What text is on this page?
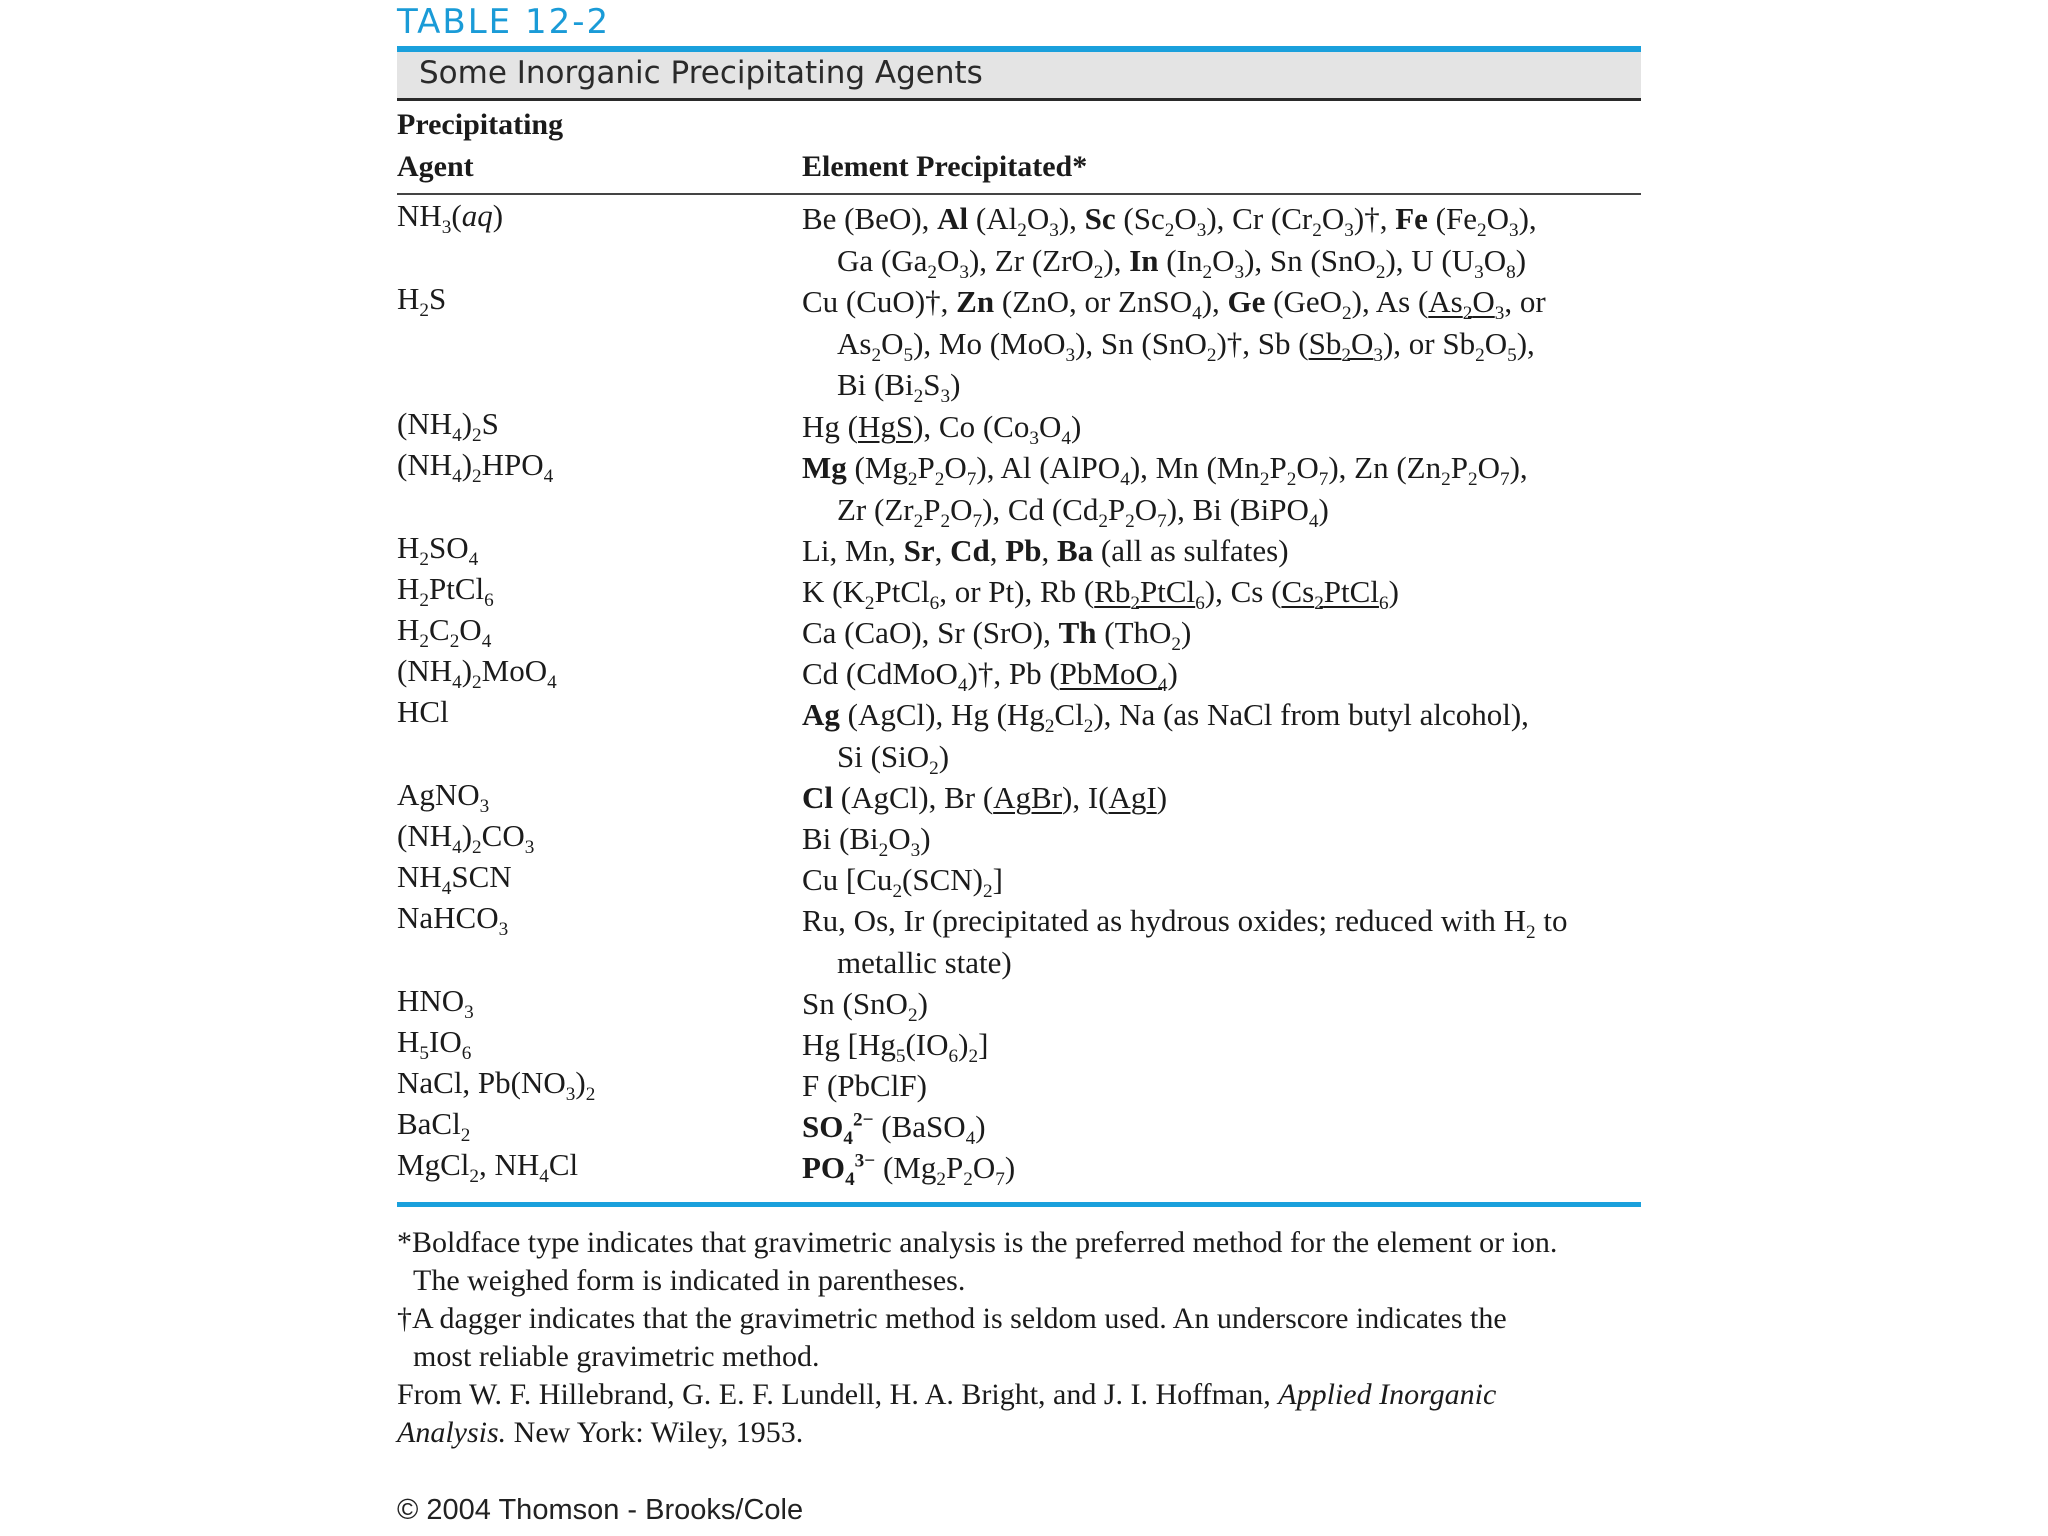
TABLE 12-2
Some Inorganic Precipitating Agents
Precipitating
Agent	Element Precipitated*
$NH_3(aq)$	Be (BeO), Al $(Al_2O_3)$, Sc $(Sc_2O_3)$, Cr $(Cr_2O_3)\dagger$, Fe $(Fe_2O_3)$,
Ga $(Ga_2O_3)$, Zr (ZrO$_2$), In $(In_2O_3)$, Sn (SnO$_2$), U $(U_3O_8)$
$H_2S$	Cu (CuO)†, Zn (ZnO, or ZnSO$_4$), Ge (GeO$_2$), As ($As_2O_3$, or
$As_2O_5$), Mo (MoO$_3$), Sn (SnO$_2$)†, Sb $(Sb_2O_3)$, or $Sb_2O_5$),
Bi $(Bi_2S_3)$
$(NH_4)_2S$	Hg (HgS), Co $(Co_3O_4)$
$(NH_4)_2HPO_4$	Mg $(Mg_2P_2O_7)$, Al (AlPO$_4$), Mn $(Mn_2P_2O_7)$, Zn $(Zn_2P_2O_7)$,
Zr $(Zr_2P_2O_7)$, Cd $(Cd_2P_2O_7)$, Bi (BiPO$_4$)
$H_2SO_4$	Li, Mn, Sr, Cd, Pb, Ba (all as sulfates)
$H_2PtCl_6$	K ($K_2PtCl_6$, or Pt), Rb $(Rb_2PtCl_6)$, Cs $(Cs_2PtCl_6)$
$H_2C_2O_4$	Ca (CaO), Sr (SrO), Th (ThO$_2$)
$(NH_4)_2MoO_4$	Cd (CdMoO$_4$)†, Pb (PbMoO$_4$)
HCl	Ag (AgCl), Hg $(Hg_2Cl_2)$, Na (as NaCl from butyl alcohol),
Si (SiO$_2$)
AgNO$_3$	Cl (AgCl), Br (AgBr), I(AgI)
$(NH_4)_2CO_3$	Bi $(Bi_2O_3)$
$NH_4SCN$	Cu $[Cu_2(SCN)_2]$
NaHCO$_3$	Ru, Os, Ir (precipitated as hydrous oxides; reduced with $H_2$ to
metallic state)
$HNO_3$	Sn (SnO$_2$)
$H_5IO_6$	Hg $[Hg_5(IO_6)_2]$
NaCl, $Pb(NO_3)_2$	F (PbClF)
BaCl$_2$	$SO_4^{2-}$ (BaSO$_4$)
MgCl$_2$, $NH_4Cl$	$PO_4^{3-}$ $(Mg_2P_2O_7)$
*Boldface type indicates that gravimetric analysis is the preferred method for the element or ion.
The weighed form is indicated in parentheses.
†A dagger indicates that the gravimetric method is seldom used. An underscore indicates the
most reliable gravimetric method.
From W. F. Hillebrand, G. E. F. Lundell, H. A. Bright, and J. I. Hoffman, Applied Inorganic
Analysis. New York: Wiley, 1953.
© 2004 Thomson - Brooks/Cole
